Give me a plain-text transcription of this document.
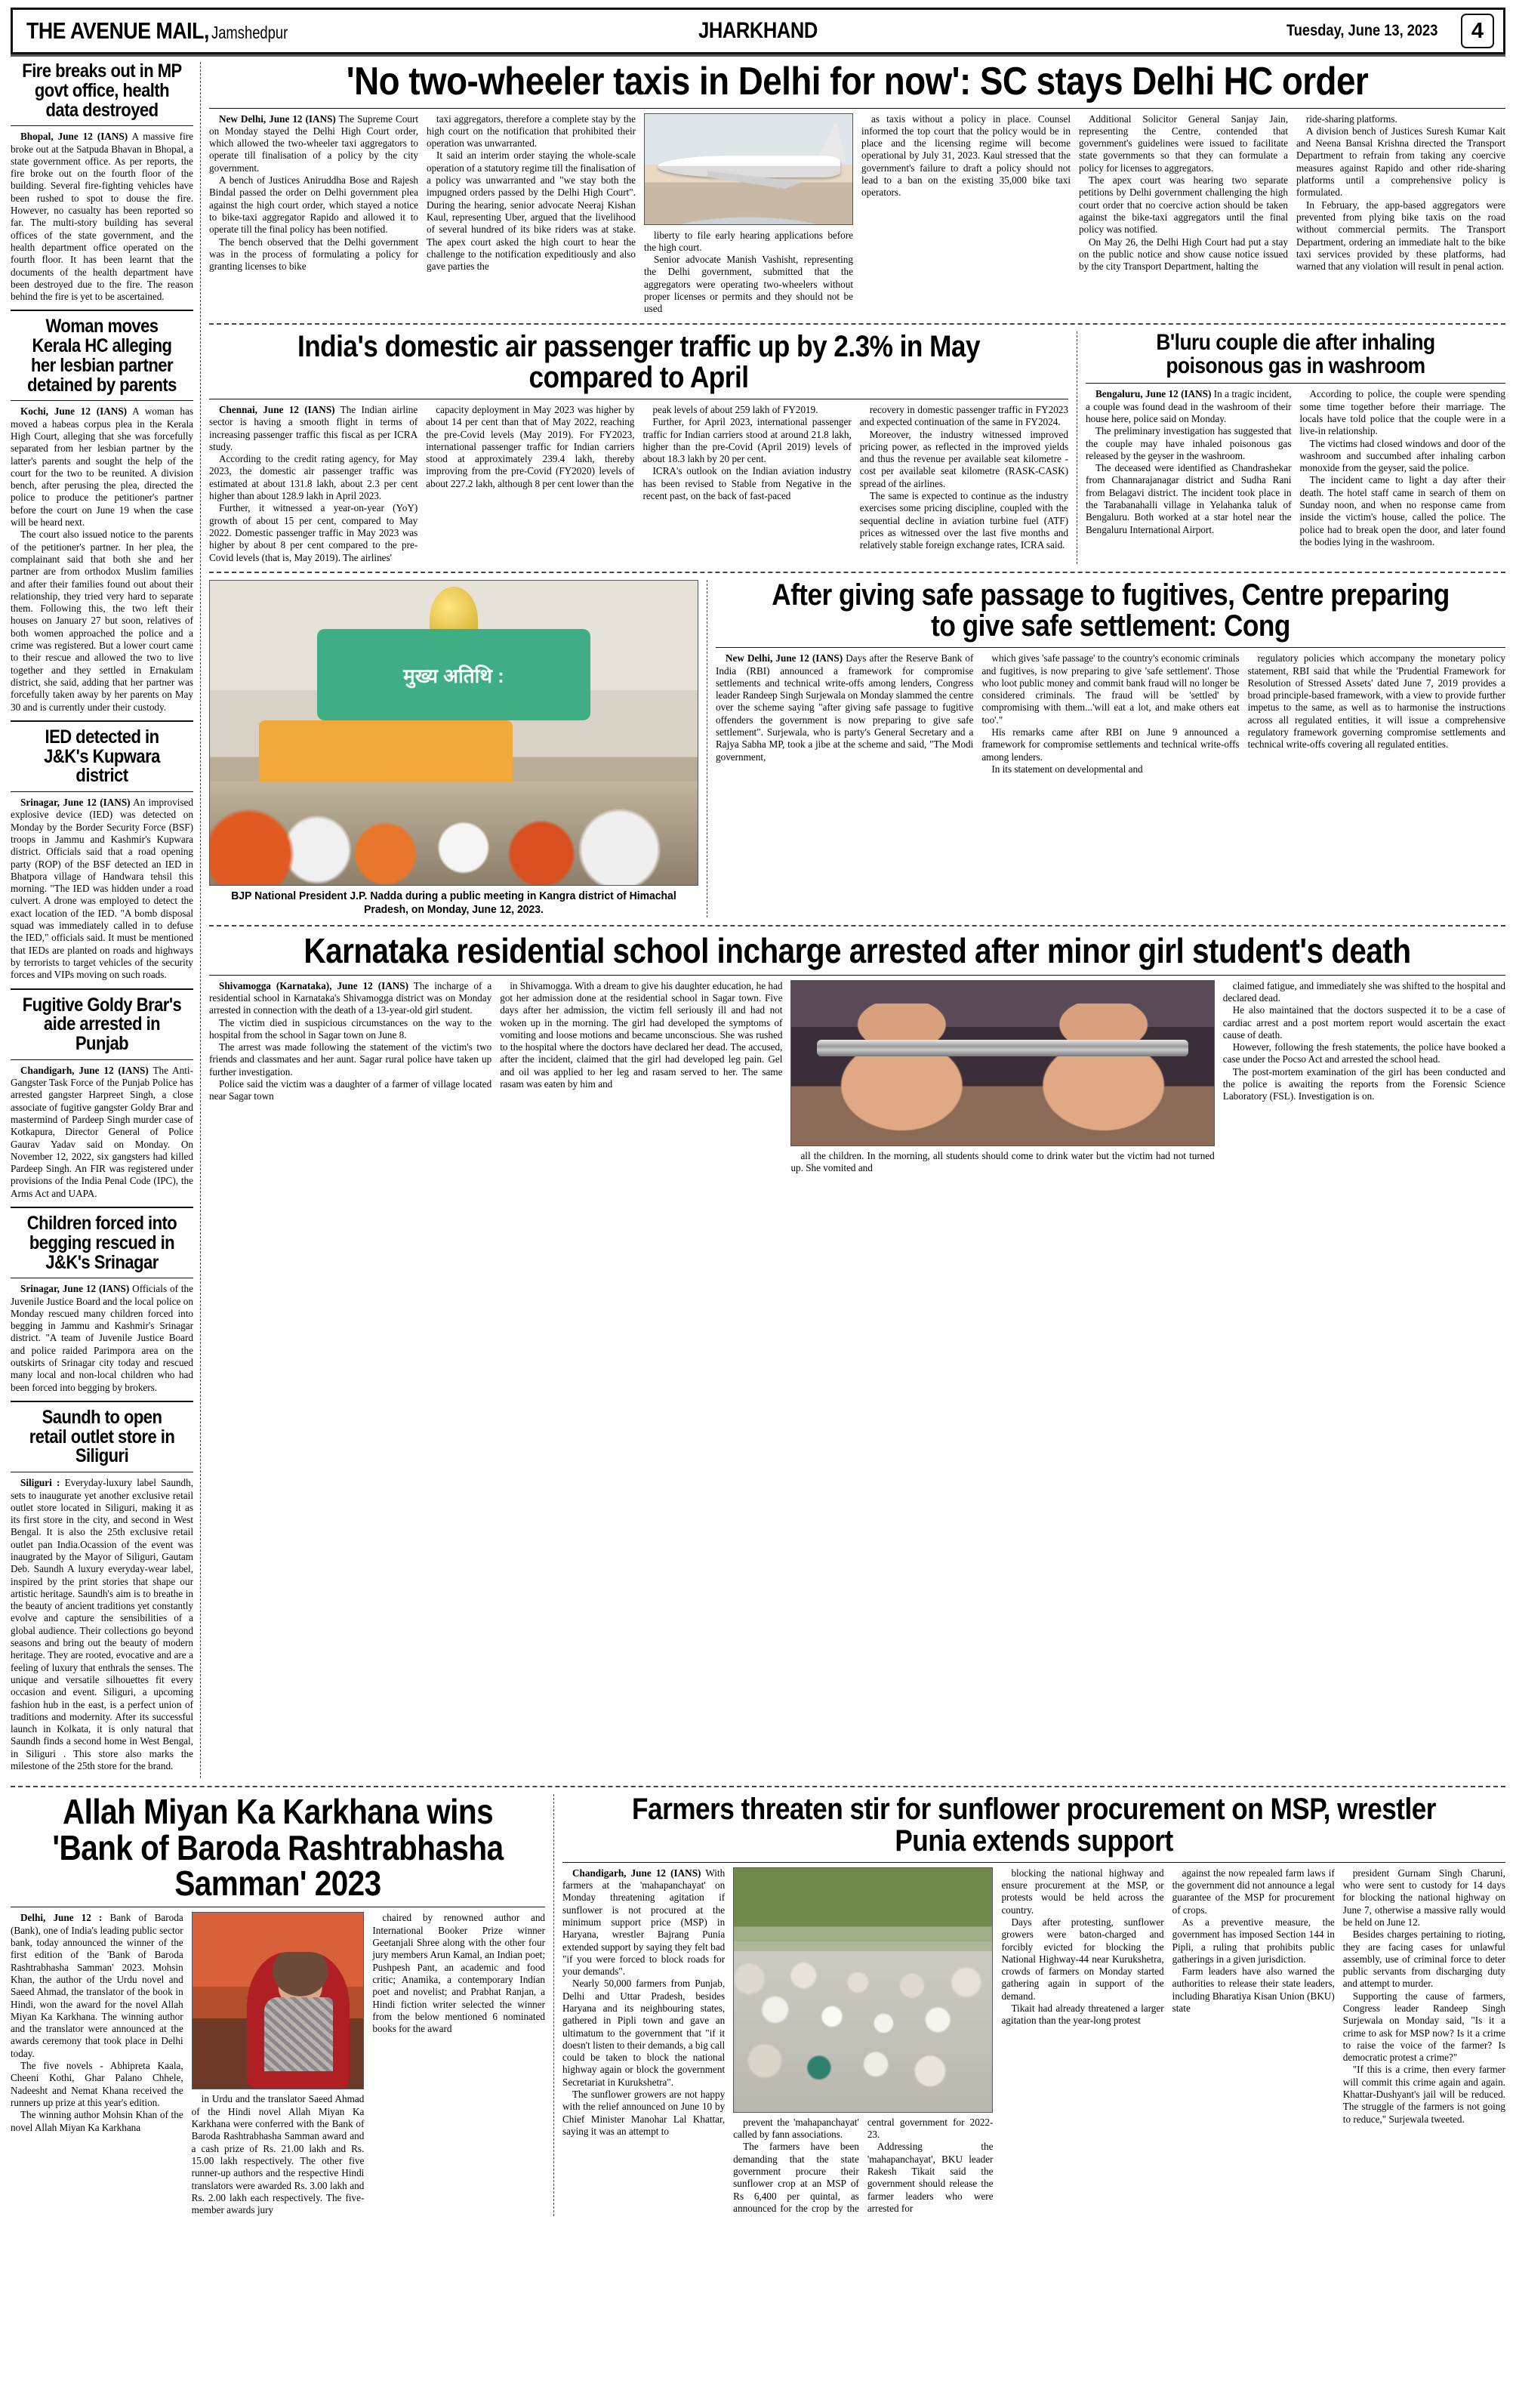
THE AVENUE MAIL, Jamshedpur	JHARKHAND	Tuesday, June 13, 2023	4
Fire breaks out in MP govt office, health data destroyed

Bhopal, June 12 (IANS) A massive fire broke out at the Satpuda Bhavan in Bhopal, a state government office. As per reports, the fire broke out on the fourth floor of the building. Several fire-fighting vehicles have been rushed to spot to douse the fire. However, no casualty has been reported so far. The multi-story building has several offices of the state government, and the health department office operated on the fourth floor. It has been learnt that the documents of the health department have been destroyed due to the fire. The reason behind the fire is yet to be ascertained.

Woman moves Kerala HC alleging her lesbian partner detained by parents

Kochi, June 12 (IANS) A woman has moved a habeas corpus plea in the Kerala High Court, alleging that she was forcefully separated from her lesbian partner by the latter's parents and sought the help of the court for the two to be reunited. A division bench, after perusing the plea, directed the police to produce the petitioner's partner before the court on June 19 when the case will be heard next.

The court also issued notice to the parents of the petitioner's partner. In her plea, the complainant said that both she and her partner are from orthodox Muslim families and after their families found out about their relationship, they tried very hard to separate them. Following this, the two left their houses on January 27 but soon, relatives of both women approached the police and a crime was registered. But a lower court came to their rescue and allowed the two to live together and they settled in Ernakulam district, she said, adding that her partner was forcefully taken away by her parents on May 30 and is currently under their custody.

IED detected in J&K's Kupwara district

Srinagar, June 12 (IANS) An improvised explosive device (IED) was detected on Monday by the Border Security Force (BSF) troops in Jammu and Kashmir's Kupwara district. Officials said that a road opening party (ROP) of the BSF detected an IED in Bhatpora village of Handwara tehsil this morning. "The IED was hidden under a road culvert. A drone was employed to detect the exact location of the IED. "A bomb disposal squad was immediately called in to defuse the IED," officials said. It must be mentioned that IEDs are planted on roads and highways by terrorists to target vehicles of the security forces and VIPs moving on such roads.

Fugitive Goldy Brar's aide arrested in Punjab

Chandigarh, June 12 (IANS) The Anti-Gangster Task Force of the Punjab Police has arrested gangster Harpreet Singh, a close associate of fugitive gangster Goldy Brar and mastermind of Pardeep Singh murder case of Kotkapura, Director General of Police Gaurav Yadav said on Monday. On November 12, 2022, six gangsters had killed Pardeep Singh. An FIR was registered under provisions of the India Penal Code (IPC), the Arms Act and UAPA.

Children forced into begging rescued in J&K's Srinagar

Srinagar, June 12 (IANS) Officials of the Juvenile Justice Board and the local police on Monday rescued many children forced into begging in Jammu and Kashmir's Srinagar district. "A team of Juvenile Justice Board and police raided Parimpora area on the outskirts of Srinagar city today and rescued many local and non-local children who had been forced into begging by brokers.

Saundh to open retail outlet store in Siliguri

Siliguri : Everyday-luxury label Saundh, sets to inaugurate yet another exclusive retail outlet store located in Siliguri, making it as its first store in the city, and second in West Bengal. It is also the 25th exclusive retail outlet pan India.Ocassion of the event was inaugrated by the Mayor of Siliguri, Gautam Deb. Saundh A luxury everyday-wear label, inspired by the print stories that shape our artistic heritage. Saundh's aim is to breathe in the beauty of ancient traditions yet constantly evolve and capture the sensibilities of a global audience. Their collections go beyond seasons and bring out the beauty of modern heritage. They are rooted, evocative and are a feeling of luxury that enthrals the senses. The unique and versatile silhouettes fit every occasion and event. Siliguri, a upcoming fashion hub in the east, is a perfect union of traditions and modernity. After its successful launch in Kolkata, it is only natural that Saundh finds a second home in West Bengal, in Siliguri . This store also marks the milestone of the 25th store for the brand.

'No two-wheeler taxis in Delhi for now': SC stays Delhi HC order

New Delhi, June 12 (IANS) The Supreme Court on Monday stayed the Delhi High Court order, which allowed the two-wheeler taxi aggregators to operate till finalisation of a policy by the city government.

A bench of Justices Aniruddha Bose and Rajesh Bindal passed the order on Delhi government plea against the high court order, which stayed a notice to bike-taxi aggregator Rapido and allowed it to operate till the final policy has been notified.

The bench observed that the Delhi government was in the process of formulating a policy for granting licenses to bike

taxi aggregators, therefore a complete stay by the high court on the notification that prohibited their operation was unwarranted.

It said an interim order staying the whole-scale operation of a statutory regime till the finalisation of a policy was unwarranted and "we stay both the impugned orders passed by the Delhi High Court". During the hearing, senior advocate Neeraj Kishan Kaul, representing Uber, argued that the livelihood of several hundred of its bike riders was at stake. The apex court asked the high court to hear the challenge to the notification expeditiously and also gave parties the

liberty to file early hearing applications before the high court.

Senior advocate Manish Vashisht, representing the Delhi government, submitted that the aggregators were operating two-wheelers without proper licenses or permits and they should not be used

as taxis without a policy in place. Counsel informed the top court that the policy would be in place and the licensing regime will become operational by July 31, 2023. Kaul stressed that the government's failure to draft a policy should not lead to a ban on the existing 35,000 bike taxi operators.

Additional Solicitor General Sanjay Jain, representing the Centre, contended that government's guidelines were issued to facilitate state governments so that they can formulate a policy for licenses to aggregators.

The apex court was hearing two separate petitions by Delhi government challenging the high court order that no coercive action should be taken against the bike-taxi aggregators until the final policy was notified.

On May 26, the Delhi High Court had put a stay on the public notice and show cause notice issued by the city Transport Department, halting the

ride-sharing platforms.

A division bench of Justices Suresh Kumar Kait and Neena Bansal Krishna directed the Transport Department to refrain from taking any coercive measures against Rapido and other ride-sharing platforms until a comprehensive policy is formulated.

In February, the app-based aggregators were prevented from plying bike taxis on the road without commercial permits. The Transport Department, ordering an immediate halt to the bike taxi services provided by these platforms, had warned that any violation will result in penal action.

India's domestic air passenger traffic up by 2.3% in May compared to April

Chennai, June 12 (IANS) The Indian airline sector is having a smooth flight in terms of increasing passenger traffic this fiscal as per ICRA study.

According to the credit rating agency, for May 2023, the domestic air passenger traffic was estimated at about 131.8 lakh, about 2.3 per cent higher than about 128.9 lakh in April 2023.

Further, it witnessed a year-on-year (YoY) growth of about 15 per cent, compared to May 2022. Domestic passenger traffic in May 2023 was higher by about 8 per cent compared to the pre-Covid levels (that is, May 2019). The airlines'

capacity deployment in May 2023 was higher by about 14 per cent than that of May 2022, reaching the pre-Covid levels (May 2019). For FY2023, international passenger traffic for Indian carriers stood at approximately 239.4 lakh, thereby improving from the pre-Covid (FY2020) levels of about 227.2 lakh, although 8 per cent lower than the

peak levels of about 259 lakh of FY2019.

Further, for April 2023, international passenger traffic for Indian carriers stood at around 21.8 lakh, higher than the pre-Covid (April 2019) levels of about 18.3 lakh by 20 per cent.

ICRA's outlook on the Indian aviation industry has been revised to Stable from Negative in the recent past, on the back of fast-paced

recovery in domestic passenger traffic in FY2023 and expected continuation of the same in FY2024.

Moreover, the industry witnessed improved pricing power, as reflected in the improved yields and thus the revenue per available seat kilometre - cost per available seat kilometre (RASK-CASK) spread of the airlines.

The same is expected to continue as the industry exercises some pricing discipline, coupled with the sequential decline in aviation turbine fuel (ATF) prices as witnessed over the last five months and relatively stable foreign exchange rates, ICRA said.

B'luru couple die after inhaling poisonous gas in washroom

Bengaluru, June 12 (IANS) In a tragic incident, a couple was found dead in the washroom of their house here, police said on Monday.

The preliminary investigation has suggested that the couple may have inhaled poisonous gas released by the geyser in the washroom.

The deceased were identified as Chandrashekar from Channarajanagar district and Sudha Rani from Belagavi district. The incident took place in the Tarabanahalli village in Yelahanka taluk of Bengaluru. Both worked at a star hotel near the Bengaluru International Airport.

According to police, the couple were spending some time together before their marriage. The locals have told police that the couple were in a live-in relationship.

The victims had closed windows and door of the washroom and succumbed after inhaling carbon monoxide from the geyser, said the police.

The incident came to light a day after their death. The hotel staff came in search of them on Sunday noon, and when no response came from inside the victim's house, called the police. The police had to break open the door, and later found the bodies lying in the washroom.

मुख्य अतिथि :
BJP National President J.P. Nadda during a public meeting in Kangra district of Himachal Pradesh, on Monday, June 12, 2023.
After giving safe passage to fugitives, Centre preparing to give safe settlement: Cong

New Delhi, June 12 (IANS) Days after the Reserve Bank of India (RBI) announced a framework for compromise settlements and technical write-offs among lenders, Congress leader Randeep Singh Surjewala on Monday slammed the centre over the scheme saying "after giving safe passage to fugitive offenders the government is now preparing to give safe settlement". Surjewala, who is party's General Secretary and a Rajya Sabha MP, took a jibe at the scheme and said, "The Modi government,

which gives 'safe passage' to the country's economic criminals and fugitives, is now preparing to give 'safe settlement'. Those who loot public money and commit bank fraud will no longer be considered criminals. The fraud will be 'settled' by compromising with them...'will eat a lot, and make others eat too'."

His remarks came after RBI on June 9 announced a framework for compromise settlements and technical write-offs among lenders.

In its statement on developmental and

regulatory policies which accompany the monetary policy statement, RBI said that while the 'Prudential Framework for Resolution of Stressed Assets' dated June 7, 2019 provides a broad principle-based framework, with a view to provide further impetus to the same, as well as to harmonise the instructions across all regulated entities, it will issue a comprehensive regulatory framework governing compromise settlements and technical write-offs covering all regulated entities.

Karnataka residential school incharge arrested after minor girl student's death

Shivamogga (Karnataka), June 12 (IANS) The incharge of a residential school in Karnataka's Shivamogga district was on Monday arrested in connection with the death of a 13-year-old girl student.

The victim died in suspicious circumstances on the way to the hospital from the school in Sagar town on June 8.

The arrest was made following the statement of the victim's two friends and classmates and her aunt. Sagar rural police have taken up further investigation.

Police said the victim was a daughter of a farmer of village located near Sagar town

in Shivamogga. With a dream to give his daughter education, he had got her admission done at the residential school in Sagar town. Five days after her admission, the victim fell seriously ill and had not woken up in the morning. The girl had developed the symptoms of vomiting and loose motions and became unconscious. She was rushed to the hospital where the doctors have declared her dead. The accused, after the incident, claimed that the girl had developed leg pain. Gel and oil was applied to her leg and rasam served to her. The same rasam was eaten by him and

all the children. In the morning, all students should come to drink water but the victim had not turned up. She vomited and

claimed fatigue, and immediately she was shifted to the hospital and declared dead.

He also maintained that the doctors suspected it to be a case of cardiac arrest and a post mortem report would ascertain the exact cause of death.

However, following the fresh statements, the police have booked a case under the Pocso Act and arrested the school head.

The post-mortem examination of the girl has been conducted and the police is awaiting the reports from the Forensic Science Laboratory (FSL). Investigation is on.

Allah Miyan Ka Karkhana wins 'Bank of Baroda Rashtrabhasha Samman' 2023

Delhi, June 12 : Bank of Baroda (Bank), one of India's leading public sector bank, today announced the winner of the first edition of the 'Bank of Baroda Rashtrabhasha Samman' 2023. Mohsin Khan, the author of the Urdu novel and Saeed Ahmad, the translator of the book in Hindi, won the award for the novel Allah Miyan Ka Karkhana. The winning author and the translator were announced at the awards ceremony that took place in Delhi today.

The five novels - Abhipreta Kaala, Cheeni Kothi, Ghar Palano Chhele, Nadeesht and Nemat Khana received the runners up prize at this year's edition.

The winning author Mohsin Khan of the novel Allah Miyan Ka Karkhana

in Urdu and the translator Saeed Ahmad of the Hindi novel Allah Miyan Ka Karkhana were conferred with the Bank of Baroda Rashtrabhasha Samman award and a cash prize of Rs. 21.00 lakh and Rs. 15.00 lakh respectively. The other five runner-up authors and the respective Hindi translators were awarded Rs. 3.00 lakh and Rs. 2.00 lakh each respectively. The five-member awards jury

chaired by renowned author and International Booker Prize winner Geetanjali Shree along with the other four jury members Arun Kamal, an Indian poet; Pushpesh Pant, an academic and food critic; Anamika, a contemporary Indian poet and novelist; and Prabhat Ranjan, a Hindi fiction writer selected the winner from the below mentioned 6 nominated books for the award

Farmers threaten stir for sunflower procurement on MSP, wrestler Punia extends support

Chandigarh, June 12 (IANS) With farmers at the 'mahapanchayat' on Monday threatening agitation if sunflower is not procured at the minimum support price (MSP) in Haryana, wrestler Bajrang Punia extended support by saying they felt bad "if you were forced to block roads for your demands".

Nearly 50,000 farmers from Punjab, Delhi and Uttar Pradesh, besides Haryana and its neighbouring states, gathered in Pipli town and gave an ultimatum to the government that "if it doesn't listen to their demands, a big call could be taken to block the national highway again or block the government Secretariat in Kurukshetra".

The sunflower growers are not happy with the relief announced on June 10 by Chief Minister Manohar Lal Khattar, saying it was an attempt to

prevent the 'mahapanchayat' called by fann associations.

The farmers have been demanding that the state government procure their sunflower crop at an MSP of Rs 6,400 per quintal, as announced for the crop by the central government for 2022-23.

Addressing the 'mahapanchayat', BKU leader Rakesh Tikait said the government should release the farmer leaders who were arrested for

blocking the national highway and ensure procurement at the MSP, or protests would be held across the country.

Days after protesting, sunflower growers were baton-charged and forcibly evicted for blocking the National Highway-44 near Kurukshetra, crowds of farmers on Monday started gathering again in support of the demand.

Tikait had already threatened a larger agitation than the year-long protest

against the now repealed farm laws if the government did not announce a legal guarantee of the MSP for procurement of crops.

As a preventive measure, the government has imposed Section 144 in Pipli, a ruling that prohibits public gatherings in a given jurisdiction.

Farm leaders have also warned the authorities to release their state leaders, including Bharatiya Kisan Union (BKU) state

president Gurnam Singh Charuni, who were sent to custody for 14 days for blocking the national highway on June 7, otherwise a massive rally would be held on June 12.

Besides charges pertaining to rioting, they are facing cases for unlawful assembly, use of criminal force to deter public servants from discharging duty and attempt to murder.

Supporting the cause of farmers, Congress leader Randeep Singh Surjewala on Monday said, "Is it a crime to ask for MSP now? Is it a crime to raise the voice of the farmer? Is democratic protest a crime?"

"If this is a crime, then every farmer will commit this crime again and again. Khattar-Dushyant's jail will be reduced. The struggle of the farmers is not going to reduce," Surjewala tweeted.
